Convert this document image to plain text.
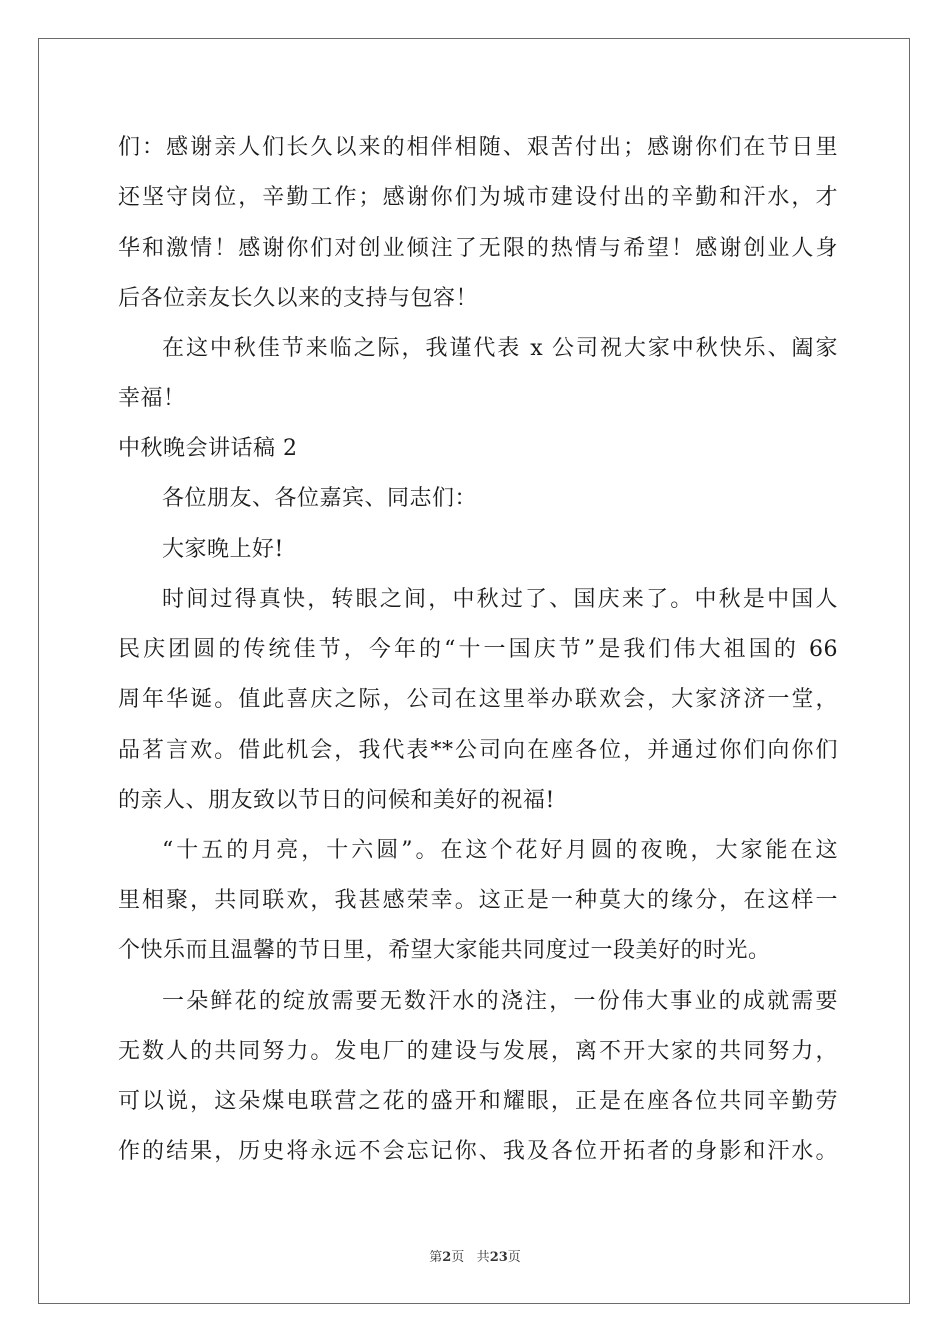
们：感谢亲人们长久以来的相伴相随、艰苦付出；感谢你们在节日里
还坚守岗位，辛勤工作；感谢你们为城市建设付出的辛勤和汗水，才
华和激情！感谢你们对创业倾注了无限的热情与希望！感谢创业人身
后各位亲友长久以来的支持与包容！
在这中秋佳节来临之际，我谨代表 x 公司祝大家中秋快乐、阖家
幸福！
中秋晚会讲话稿 2
各位朋友、各位嘉宾、同志们：
大家晚上好!
时间过得真快，转眼之间，中秋过了、国庆来了。中秋是中国人
民庆团圆的传统佳节，今年的“十一国庆节”是我们伟大祖国的 66
周年华诞。值此喜庆之际，公司在这里举办联欢会，大家济济一堂，
品茗言欢。借此机会，我代表**公司向在座各位，并通过你们向你们
的亲人、朋友致以节日的问候和美好的祝福!
“十五的月亮，十六圆”。在这个花好月圆的夜晚，大家能在这
里相聚，共同联欢，我甚感荣幸。这正是一种莫大的缘分，在这样一
个快乐而且温馨的节日里，希望大家能共同度过一段美好的时光。
一朵鲜花的绽放需要无数汗水的浇注，一份伟大事业的成就需要
无数人的共同努力。发电厂的建设与发展，离不开大家的共同努力，
可以说，这朵煤电联营之花的盛开和耀眼，正是在座各位共同辛勤劳
作的结果，历史将永远不会忘记你、我及各位开拓者的身影和汗水。
第2页 共23页
